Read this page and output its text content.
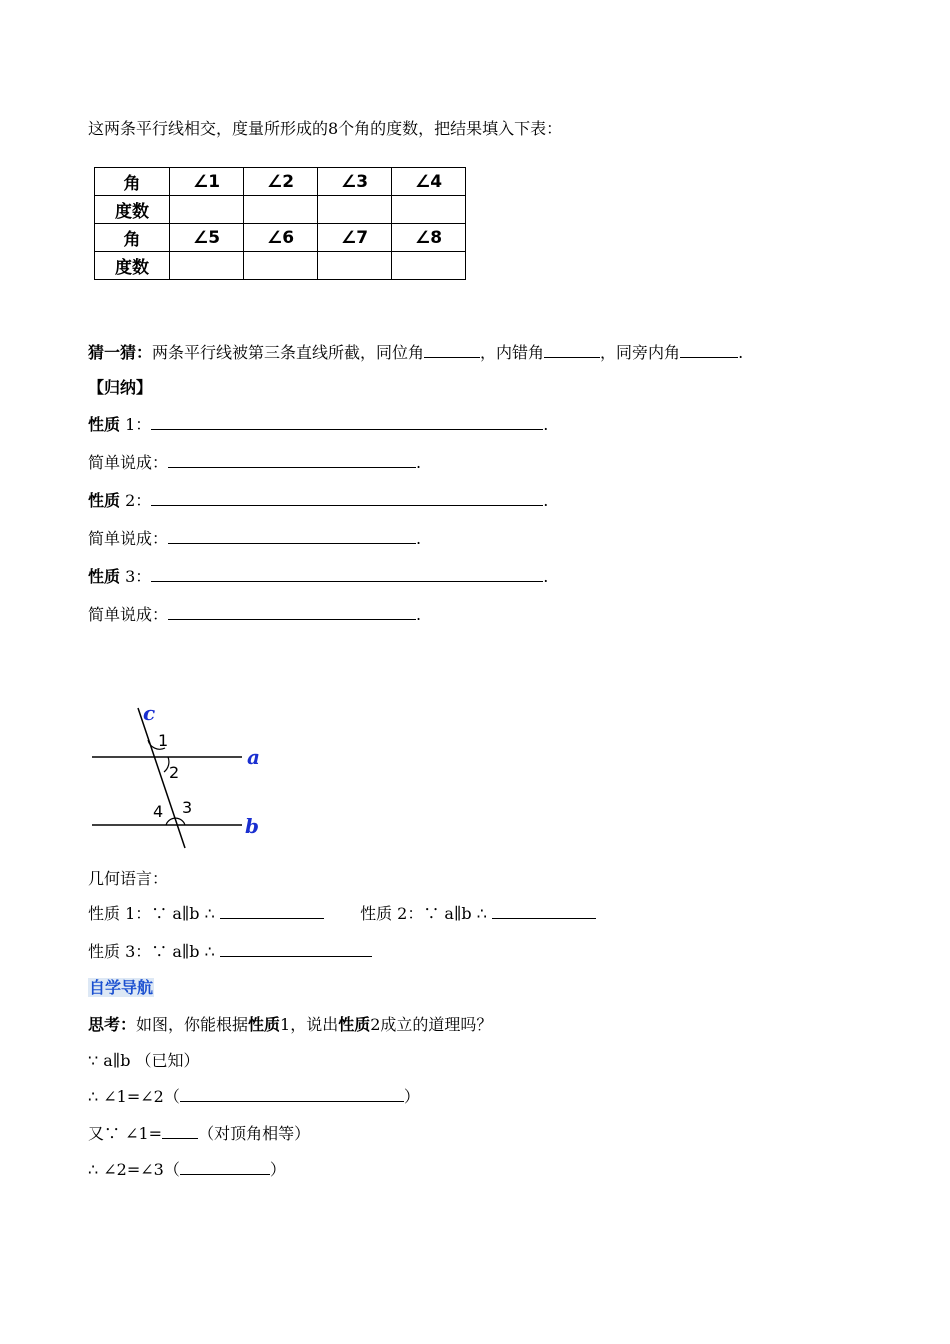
这两条平行线相交，度量所形成的8个角的度数，把结果填入下表：
角	∠1	∠2	∠3	∠4
度数				
角	∠5	∠6	∠7	∠8
度数				
猜一猜：两条平行线被第三条直线所截，同位角	，内错角	，同旁内角	.
【归纳】
性质 1：	.
简单说成：	.
性质 2：	.
简单说成：	.
性质 3：	.
简单说成：	.
c
a
b
1
2
3
4
几何语言：
性质 1：∵ a∥b ∴	性质 2：∵ a∥b ∴
性质 3：∵ a∥b ∴
自学导航
思考：如图，你能根据性质1，说出性质2成立的道理吗？
∵ a∥b （已知）
∴ ∠1=∠2（	）
又∵ ∠1= （对顶角相等）
∴ ∠2=∠3（	）
